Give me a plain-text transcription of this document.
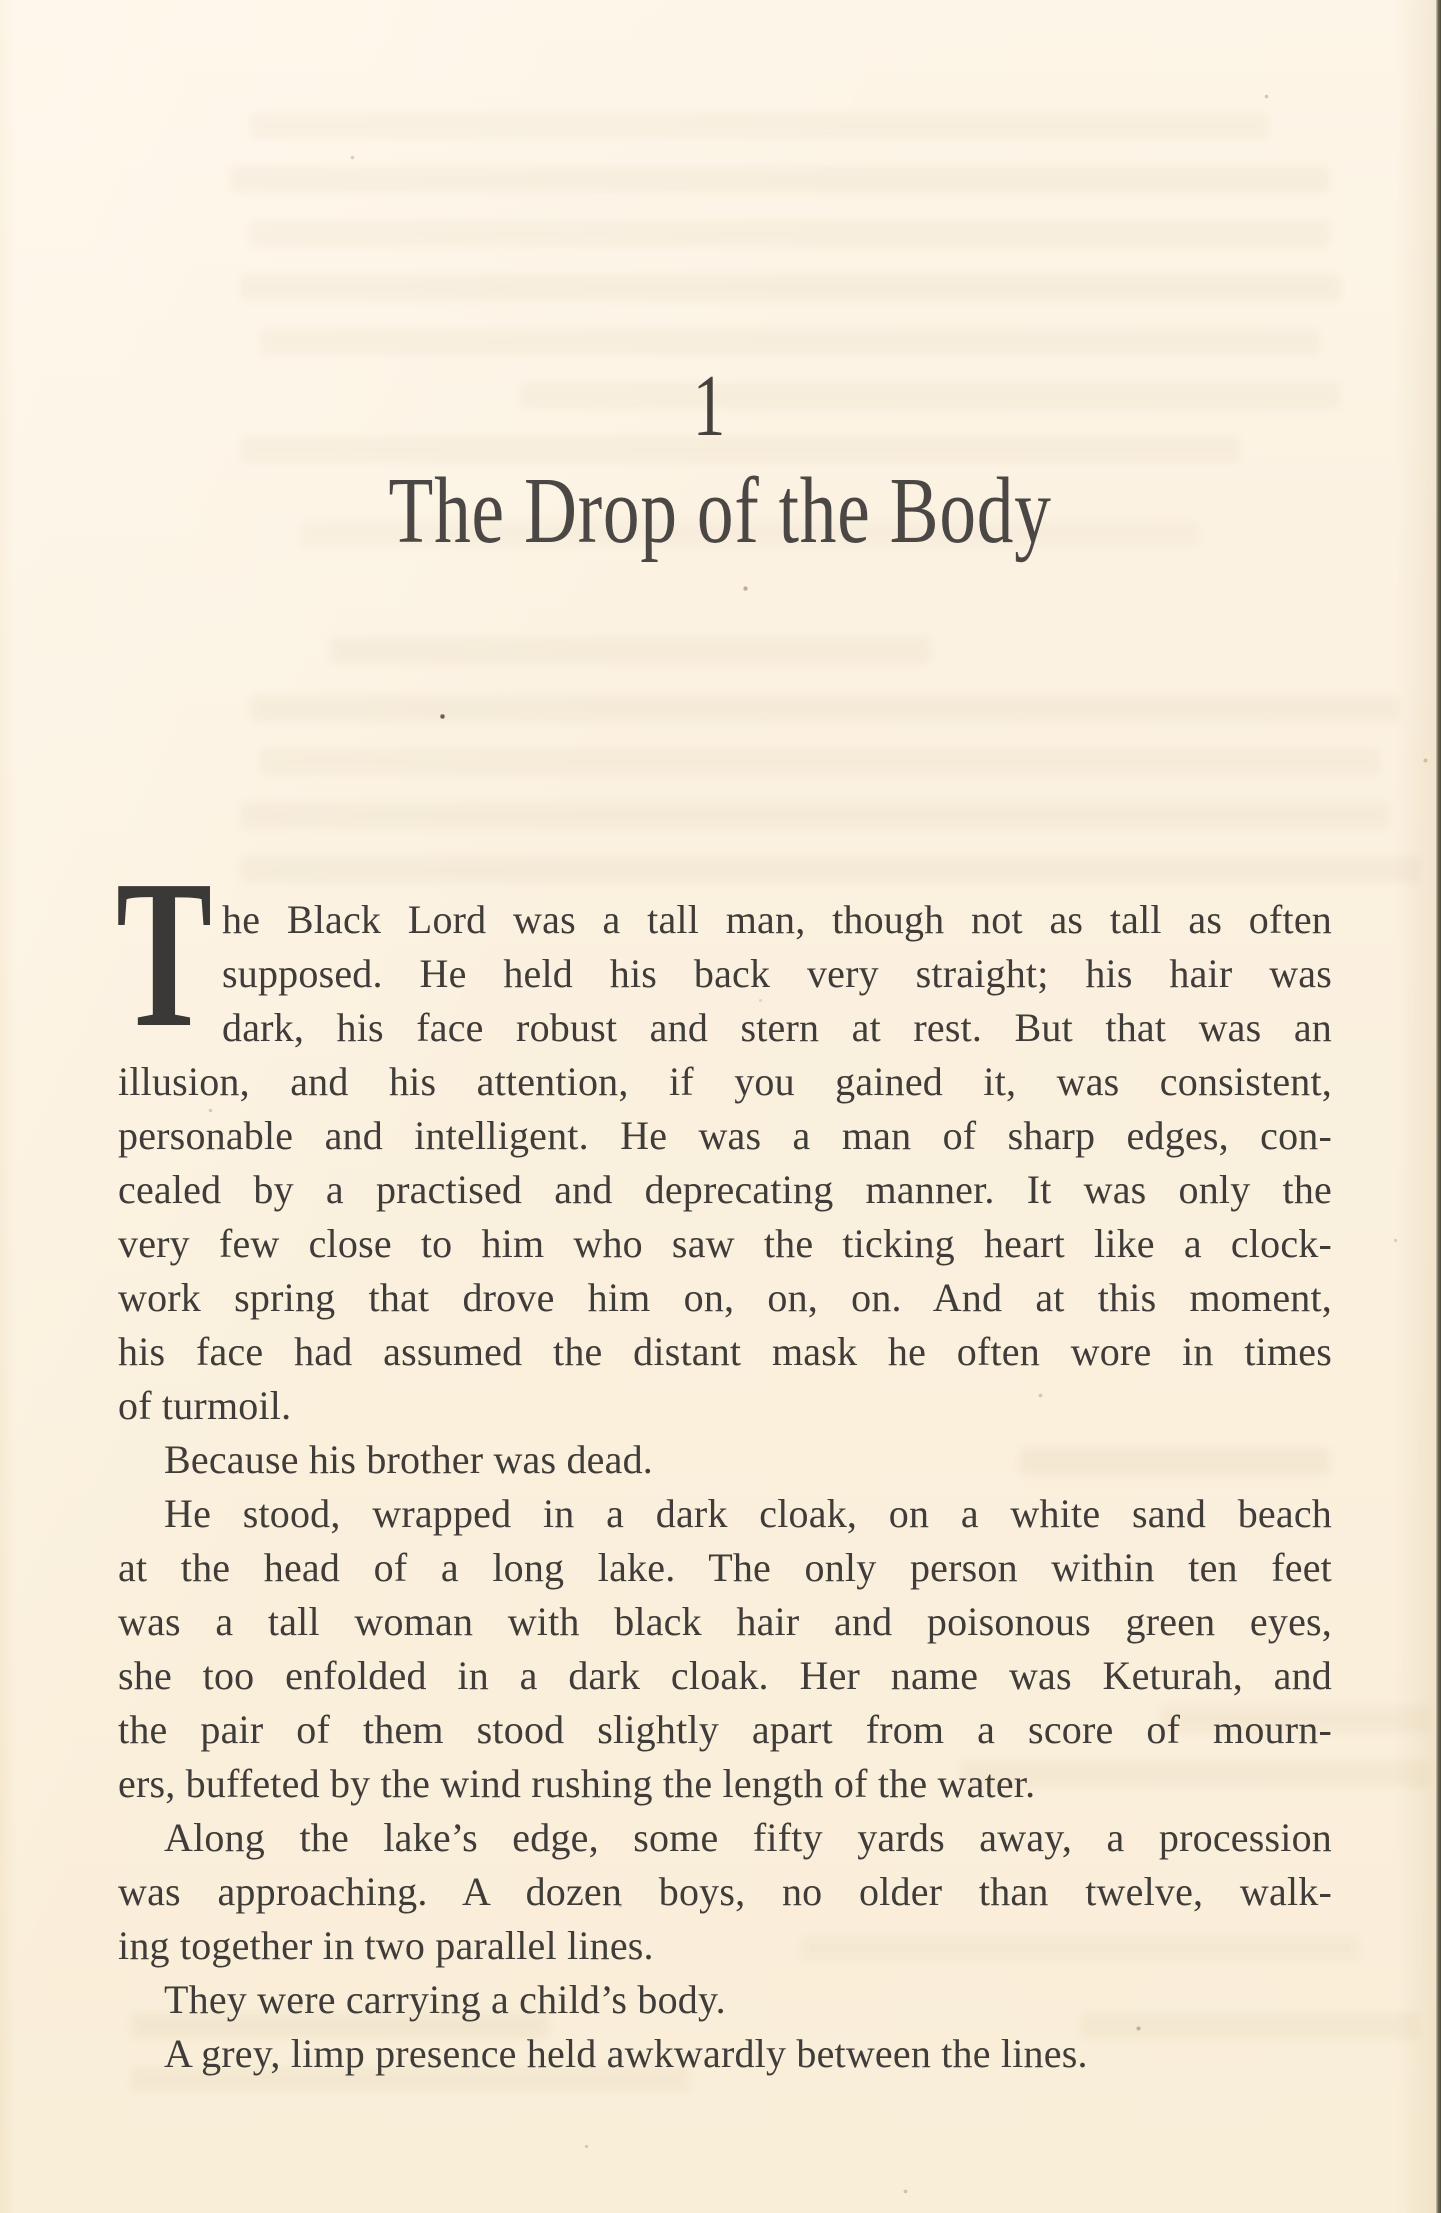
1
The Drop of the Body
T he Black Lord was a tall man, though not as tall as often
supposed. He held his back very straight; his hair was
dark, his face robust and stern at rest. But that was an
illusion, and his attention, if you gained it, was consistent,
personable and intelligent. He was a man of sharp edges, con-
cealed by a practised and deprecating manner. It was only the
very few close to him who saw the ticking heart like a clock-
work spring that drove him on, on, on. And at this moment,
his face had assumed the distant mask he often wore in times
of turmoil.
Because his brother was dead.
He stood, wrapped in a dark cloak, on a white sand beach
at the head of a long lake. The only person within ten feet
was a tall woman with black hair and poisonous green eyes,
she too enfolded in a dark cloak. Her name was Keturah, and
the pair of them stood slightly apart from a score of mourn-
ers, buffeted by the wind rushing the length of the water.
Along the lake’s edge, some fifty yards away, a procession
was approaching. A dozen boys, no older than twelve, walk-
ing together in two parallel lines.
They were carrying a child’s body.
A grey, limp presence held awkwardly between the lines.
